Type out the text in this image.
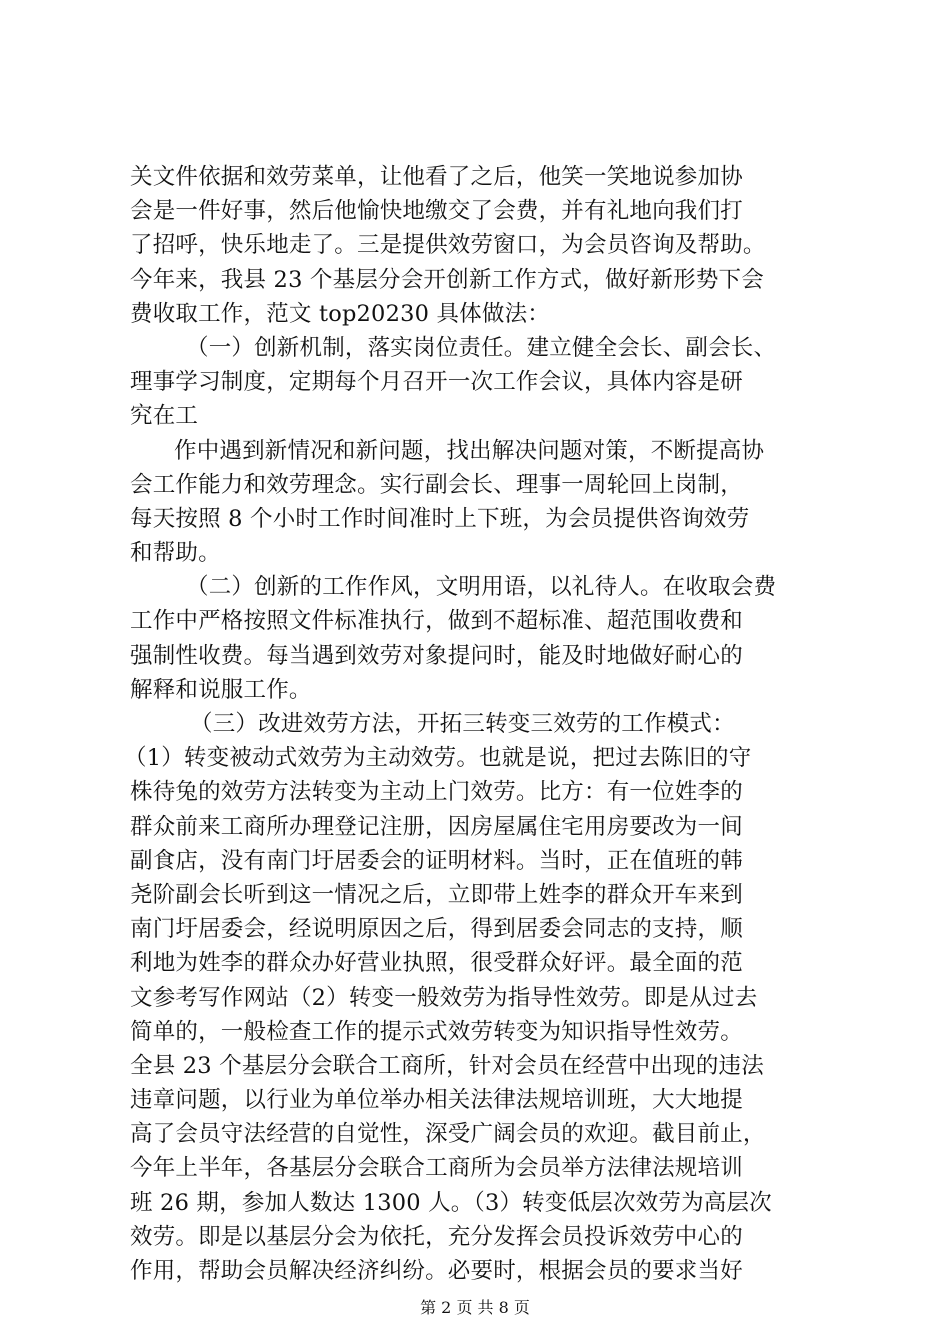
关文件依据和效劳菜单，让他看了之后，他笑一笑地说参加协
会是一件好事，然后他愉快地缴交了会费，并有礼地向我们打
了招呼，快乐地走了。三是提供效劳窗口，为会员咨询及帮助。
今年来，我县 23 个基层分会开创新工作方式，做好新形势下会
费收取工作，范文 top20230 具体做法：
（一）创新机制，落实岗位责任。建立健全会长、副会长、
理事学习制度，定期每个月召开一次工作会议，具体内容是研
究在工
作中遇到新情况和新问题，找出解决问题对策，不断提高协
会工作能力和效劳理念。实行副会长、理事一周轮回上岗制，
每天按照 8 个小时工作时间准时上下班，为会员提供咨询效劳
和帮助。
（二）创新的工作作风，文明用语，以礼待人。在收取会费
工作中严格按照文件标准执行，做到不超标准、超范围收费和
强制性收费。每当遇到效劳对象提问时，能及时地做好耐心的
解释和说服工作。
（三）改进效劳方法，开拓三转变三效劳的工作模式：
（1）转变被动式效劳为主动效劳。也就是说，把过去陈旧的守
株待兔的效劳方法转变为主动上门效劳。比方：有一位姓李的
群众前来工商所办理登记注册，因房屋属住宅用房要改为一间
副食店，没有南门圩居委会的证明材料。当时，正在值班的韩
尧阶副会长听到这一情况之后，立即带上姓李的群众开车来到
南门圩居委会，经说明原因之后，得到居委会同志的支持，顺
利地为姓李的群众办好营业执照，很受群众好评。最全面的范
文参考写作网站（2）转变一般效劳为指导性效劳。即是从过去
简单的，一般检查工作的提示式效劳转变为知识指导性效劳。
全县 23 个基层分会联合工商所，针对会员在经营中出现的违法
违章问题，以行业为单位举办相关法律法规培训班，大大地提
高了会员守法经营的自觉性，深受广阔会员的欢迎。截目前止，
今年上半年，各基层分会联合工商所为会员举方法律法规培训
班 26 期，参加人数达 1300 人。（3）转变低层次效劳为高层次
效劳。即是以基层分会为依托，充分发挥会员投诉效劳中心的
作用，帮助会员解决经济纠纷。必要时，根据会员的要求当好
第 2 页 共 8 页
